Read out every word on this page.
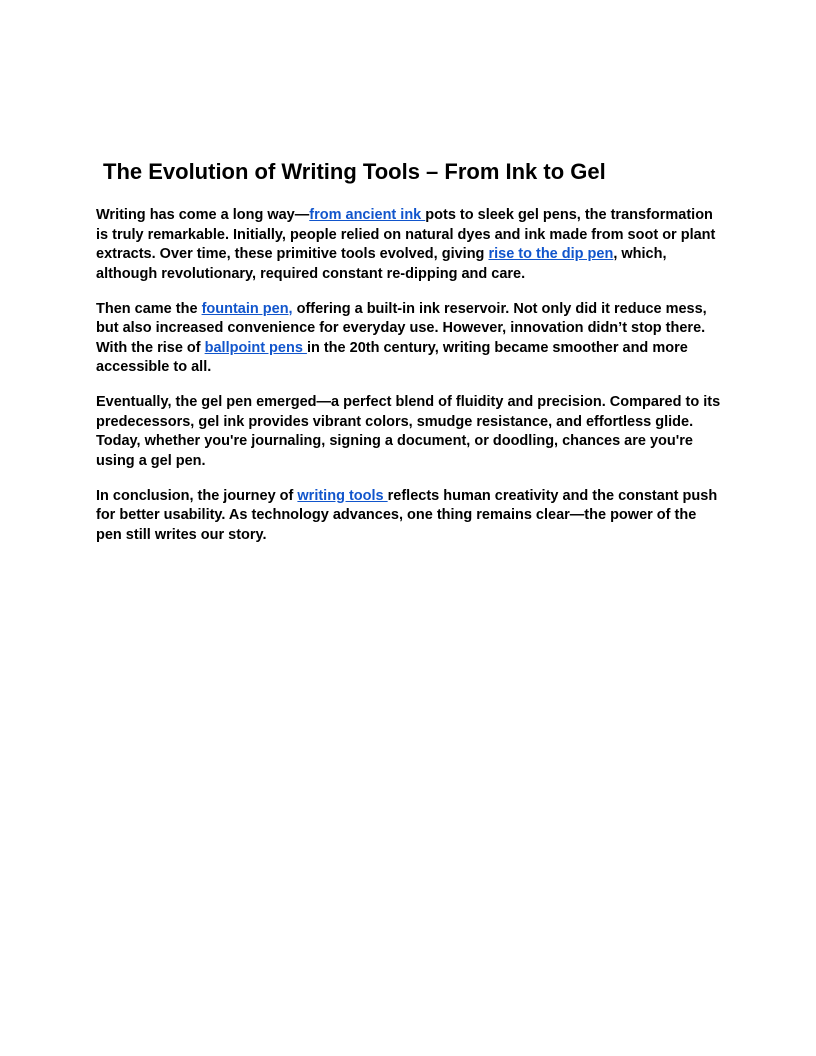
The Evolution of Writing Tools – From Ink to Gel

Writing has come a long way—from ancient ink pots to sleek gel pens, the transformation is truly remarkable. Initially, people relied on natural dyes and ink made from soot or plant extracts. Over time, these primitive tools evolved, giving rise to the dip pen, which, although revolutionary, required constant re-dipping and care.

Then came the fountain pen, offering a built-in ink reservoir. Not only did it reduce mess, but also increased convenience for everyday use. However, innovation didn’t stop there. With the rise of ballpoint pens in the 20th century, writing became smoother and more accessible to all.

Eventually, the gel pen emerged—a perfect blend of fluidity and precision. Compared to its predecessors, gel ink provides vibrant colors, smudge resistance, and effortless glide. Today, whether you're journaling, signing a document, or doodling, chances are you're using a gel pen.

In conclusion, the journey of writing tools reflects human creativity and the constant push for better usability. As technology advances, one thing remains clear—the power of the pen still writes our story.
